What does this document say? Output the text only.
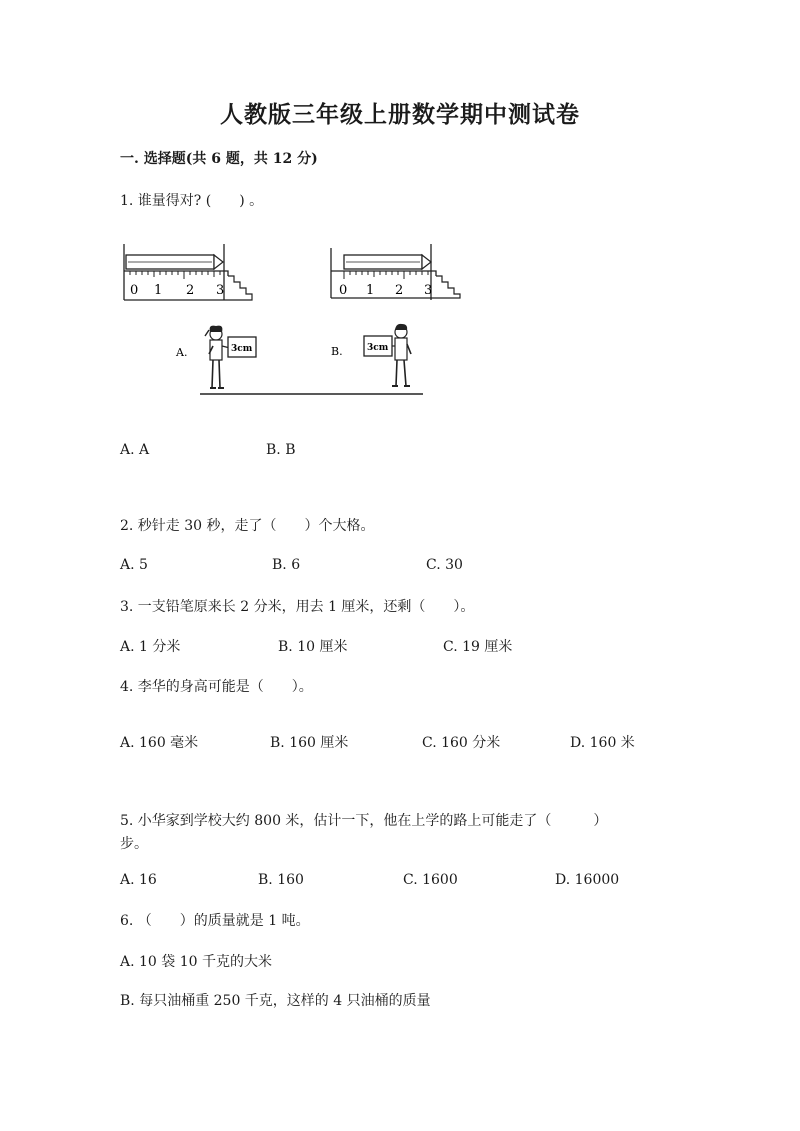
人教版三年级上册数学期中测试卷
一. 选择题(共 6 题，共 12 分)
1. 谁量得对? (　　) 。
0 1 2 3	0 1 2 3
A.	3cm	B.	3cm
A. A	B. B
2. 秒针走 30 秒，走了（　　）个大格。
A. 5	B. 6	C. 30
3. 一支铅笔原来长 2 分米，用去 1 厘米，还剩（　　）。
A. 1 分米	B. 10 厘米	C. 19 厘米
4. 李华的身高可能是（　　）。
A. 160 毫米	B. 160 厘米	C. 160 分米	D. 160 米
5. 小华家到学校大约 800 米，估计一下，他在上学的路上可能走了（　　　）
步。
A. 16	B. 160	C. 1600	D. 16000
6. （　　）的质量就是 1 吨。
A. 10 袋 10 千克的大米
B. 每只油桶重 250 千克，这样的 4 只油桶的质量
